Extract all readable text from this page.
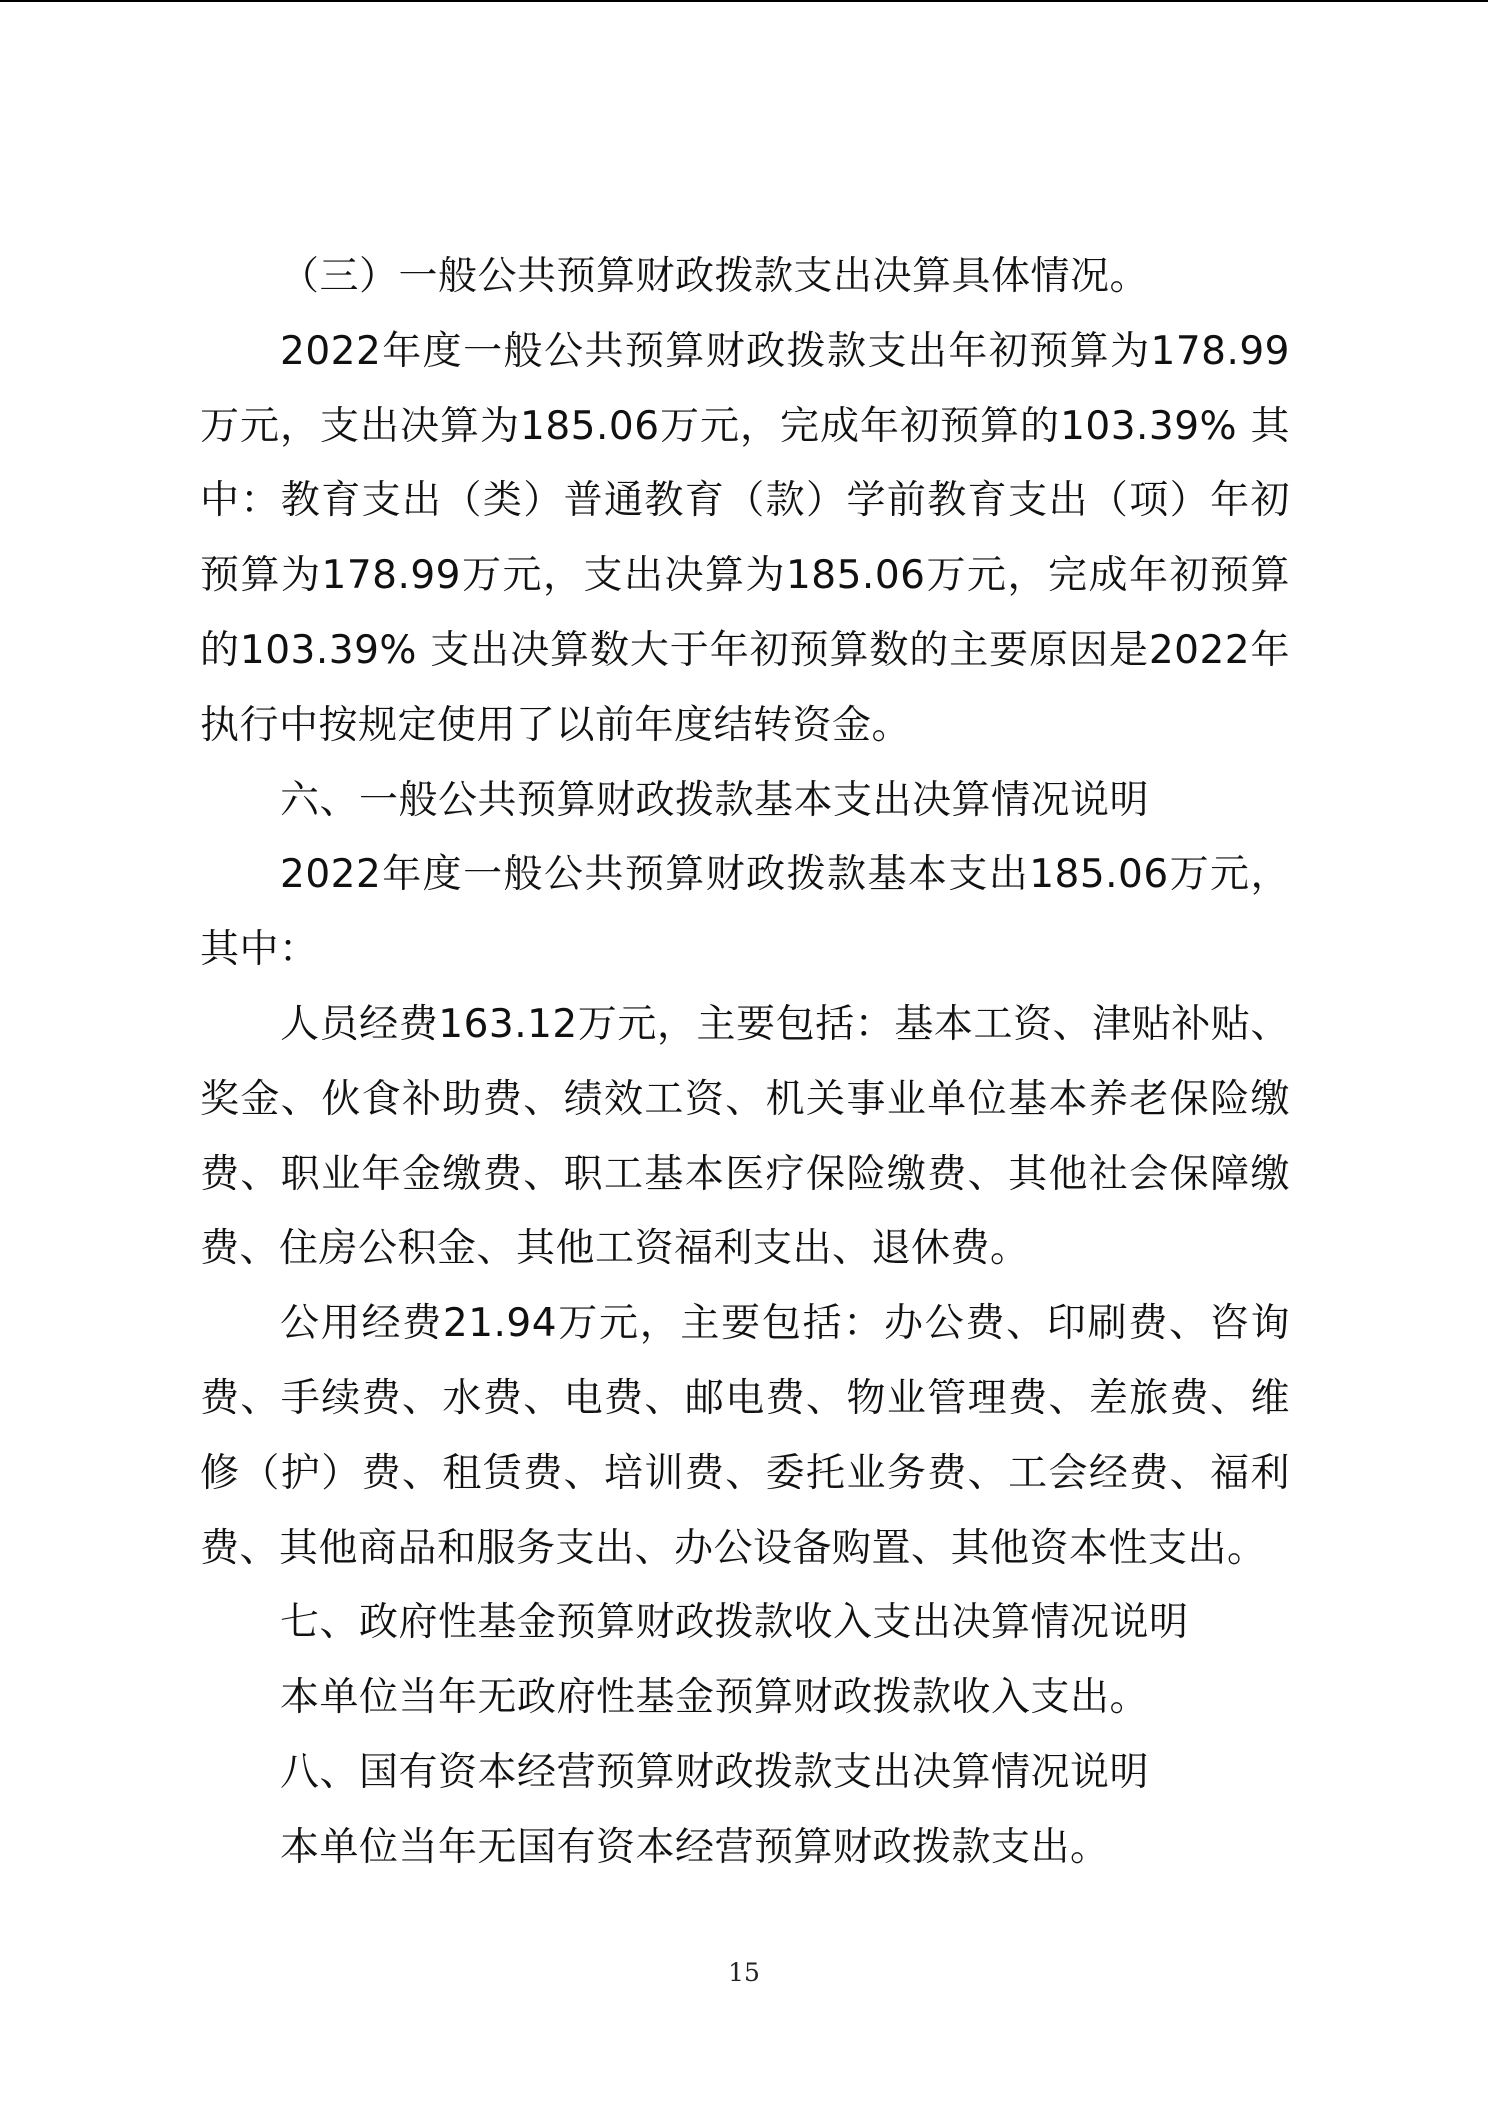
（三）一般公共预算财政拨款支出决算具体情况。

2022年度一般公共预算财政拨款支出年初预算为178.99万元，支出决算为185.06万元，完成年初预算的103.39% 其中：教育支出（类）普通教育（款）学前教育支出（项）年初预算为178.99万元，支出决算为185.06万元，完成年初预算的103.39% 支出决算数大于年初预算数的主要原因是2022年执行中按规定使用了以前年度结转资金。

六、一般公共预算财政拨款基本支出决算情况说明

2022年度一般公共预算财政拨款基本支出185.06万元，其中：

人员经费163.12万元，主要包括：基本工资、津贴补贴、奖金、伙食补助费、绩效工资、机关事业单位基本养老保险缴费、职业年金缴费、职工基本医疗保险缴费、其他社会保障缴费、住房公积金、其他工资福利支出、退休费。

公用经费21.94万元，主要包括：办公费、印刷费、咨询费、手续费、水费、电费、邮电费、物业管理费、差旅费、维修（护）费、租赁费、培训费、委托业务费、工会经费、福利费、其他商品和服务支出、办公设备购置、其他资本性支出。

七、政府性基金预算财政拨款收入支出决算情况说明

本单位当年无政府性基金预算财政拨款收入支出。

八、国有资本经营预算财政拨款支出决算情况说明

本单位当年无国有资本经营预算财政拨款支出。

15
